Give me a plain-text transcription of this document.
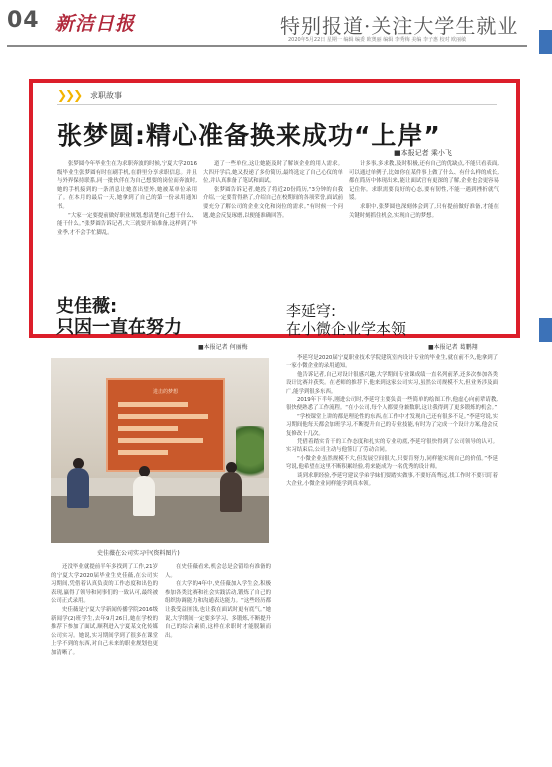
04 新洁日报	特别报道·关注大学生就业
2020年5月22日 星期一 编辑 编委 欧奥丽 编辑 李秀梅 美编 李子惠 校对 欧丽敏
❯❯❯ 求职故事
张梦圆:精心准备换来成功“上岸”
■本报记者 乘小飞

张梦圆今年毕业生在为求职奔波的时候,宁夏大学2016级毕业生张梦圆有时在刷手机,在群里分享求职信息。并且与外界保持联系,同一批伙伴在为自己想要的岗位而奔波时,她的手机接到的一条消息让她喜出望外,她被某单位录用了。在本月的最后一天,她拿到了自己的第一份录用通知书。

“大家一定要提前做好职业规划,想清楚自己想干什么、能干什么。”张梦圆告诉记者,大三就要开始准备,这样到了毕业季,才不会手忙脚乱。

道了一些单位,这让她能及时了解该企业的用人需求。大四开学后,她又投递了多份简历,最终选定了自己心仪的单位,并认真准备了笔试和面试。

张梦圆告诉记者,她投了将近20份简历,“3分钟的自我介绍,一定要背得熟了,介绍自己在校期间的各项荣誉,面试前要充分了解公司的企业文化和岗位的需求。”有时候一个问题,她会反复琢磨,以便能准确回答。

计多事,多求教,及时积极,还有自己的优缺点,不能只看表面,可以通过单例子,比如你在某件事上做了什么、有什么样的成长,都在简历中体现出来,能让面试官有更深的了解,企业也会更容易记住你。求职需要良好的心态,要有韧性,不能一遇到挫折就气馁。

求职中,张梦圆也深刻体会到了,只有提前做好准备,才能在关键时刻抓住机会,实现自己的梦想。

史佳薇:
只因一直在努力
■本报记者 何丽梅
进击的梦想
史佳薇在公司实习中(资料图片)

还没毕业就提前半年多找到了工作,21岁的宁夏大学2020届毕业生史佳薇,在公司实习期间,凭借着认真负责的工作态度和出色的表现,赢得了领导和同事们的一致认可,最终被公司正式录用。

史佳薇是宁夏大学新闻传播学院2016级新闻学(2)班学生,去年9月26日,她在学校的推荐下参加了面试,顺利进入宁夏某文化传媒公司实习。她说,实习期间学到了很多在课堂上学不到的东西,对自己未来的职业规划也更加清晰了。

在史佳薇看来,机会总是会留给有准备的人。

在大学的4年中,史佳薇加入学生会,积极参加各类比赛和社会实践活动,锻炼了自己的组织协调能力和沟通表达能力。“这些经历都让我受益匪浅,也让我在面试时更有底气。”她说,大学期间一定要多学习、多锻炼,不断提升自己的综合素质,这样在求职时才能脱颖而出。

李延穹:
在小微企业学本领
■本报记者 葛鹏翔

李延穹是2020届宁夏职业技术学院建筑室内设计专业的毕业生,就在前不久,他拿到了一家小微企业的录用通知。

他告诉记者,自己对设计很感兴趣,大学期间专业课成绩一直名列前茅,还多次参加各类设计比赛并获奖。在老师的推荐下,他来到这家公司实习,虽然公司规模不大,但业务涉及面广,能学到很多东西。

2019年下半年,刚进公司时,李延穹主要负责一些简单的绘图工作,他虚心向前辈请教,很快便熟悉了工作流程。“在小公司,每个人都要身兼数职,这让我得到了更多锻炼的机会。”

“学校课堂上讲的都是理论性的东西,在工作中才发现自己还有很多不足。”李延穹说,实习期间他每天都会加班学习,不断提升自己的专业技能,有时为了完成一个设计方案,他会反复修改十几次。

凭借着踏实肯干的工作态度和扎实的专业功底,李延穹很快得到了公司领导的认可。实习结束后,公司主动与他签订了劳动合同。

“小微企业虽然规模不大,但发展空间很大,只要肯努力,同样能实现自己的价值。”李延穹说,他希望在这里不断积累经验,将来能成为一名优秀的设计师。

谈到求职经验,李延穹建议学弟学妹们要踏实做事,不要好高骛远,找工作时不要只盯着大企业,小微企业同样能学到真本领。
